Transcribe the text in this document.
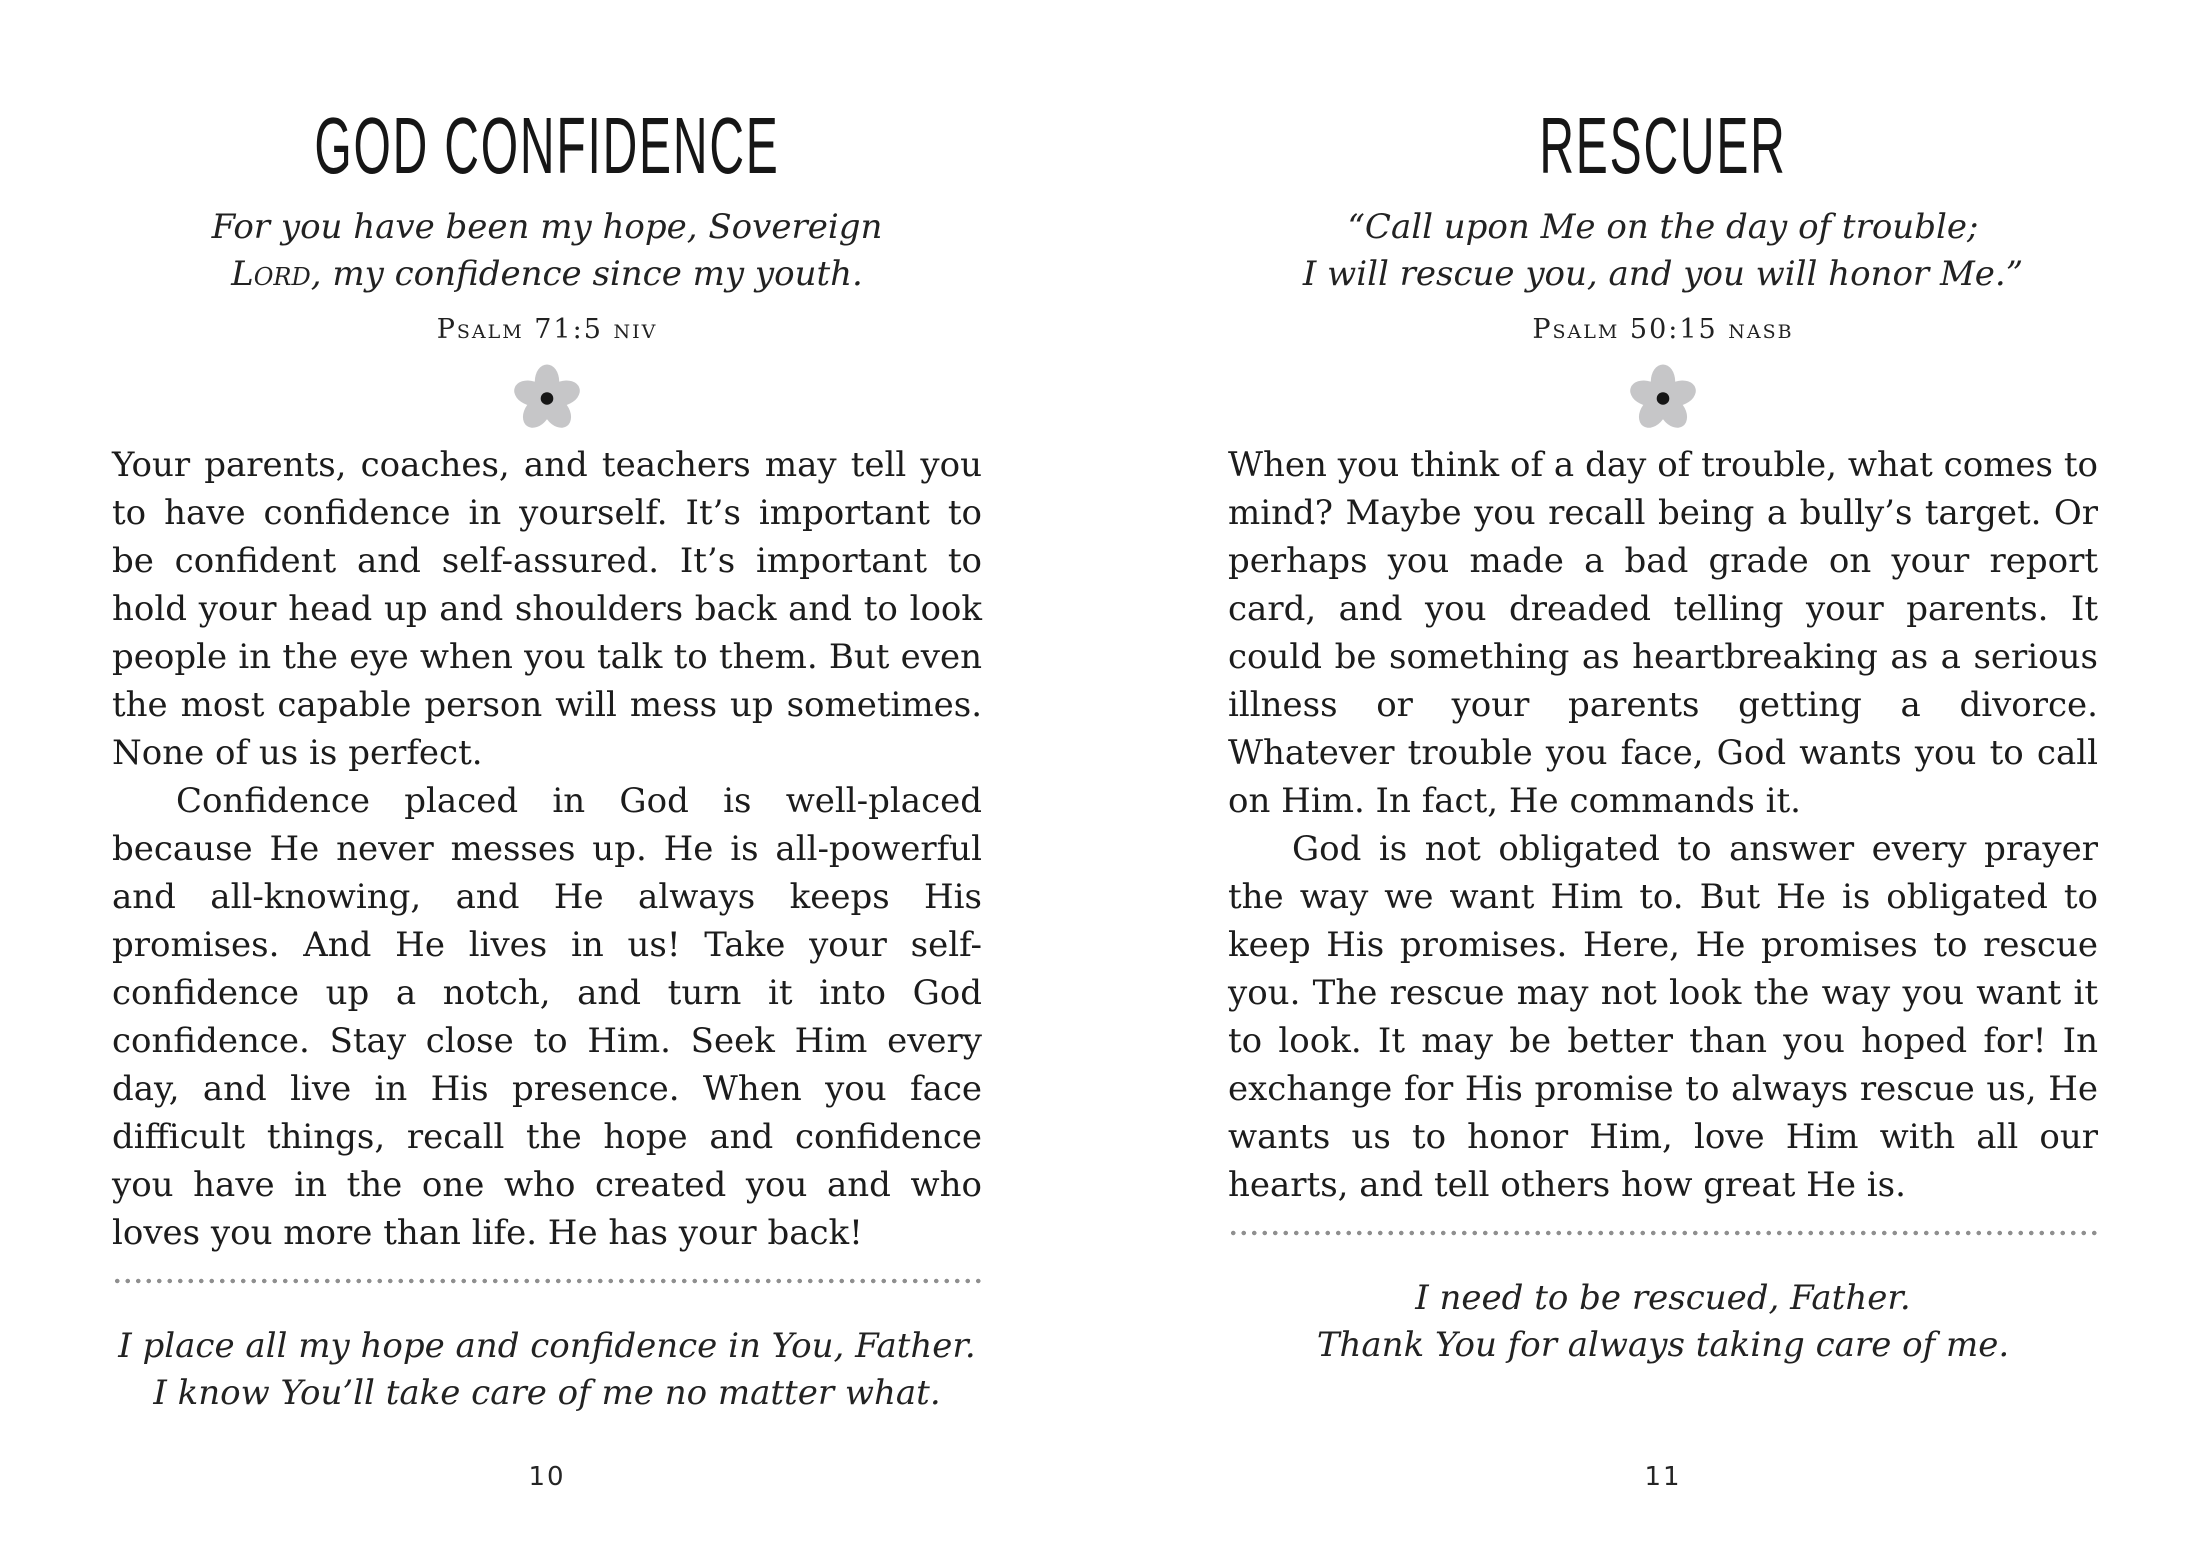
GOD CONFIDENCE
For you have been my hope, Sovereign
Lord, my confidence since my youth.
Psalm 71:5 niv

Your parents, coaches, and teachers may tell you to have confidence in yourself. It’s important to be confident and self-assured. It’s important to hold your head up and shoulders back and to look people in the eye when you talk to them. But even the most capable person will mess up sometimes. None of us is perfect.

Confidence placed in God is well-placed because He never messes up. He is all-powerful and all-knowing, and He always keeps His promises. And He lives in us! Take your self-confidence up a notch, and turn it into God confidence. Stay close to Him. Seek Him every day, and live in His presence. When you face difficult things, recall the hope and confidence you have in the one who created you and who loves you more than life. He has your back!

I place all my hope and confidence in You, Father.
I know You’ll take care of me no matter what.
10
RESCUER
“Call upon Me on the day of trouble;
I will rescue you, and you will honor Me.”
Psalm 50:15 nasb

When you think of a day of trouble, what comes to mind? Maybe you recall being a bully’s target. Or perhaps you made a bad grade on your report card, and you dreaded telling your parents. It could be something as heartbreaking as a serious illness or your parents getting a divorce. Whatever trouble you face, God wants you to call on Him. In fact, He commands it.

God is not obligated to answer every prayer the way we want Him to. But He is obligated to keep His promises. Here, He promises to rescue you. The rescue may not look the way you want it to look. It may be better than you hoped for! In exchange for His promise to always rescue us, He wants us to honor Him, love Him with all our hearts, and tell others how great He is.

I need to be rescued, Father.
Thank You for always taking care of me.
11
